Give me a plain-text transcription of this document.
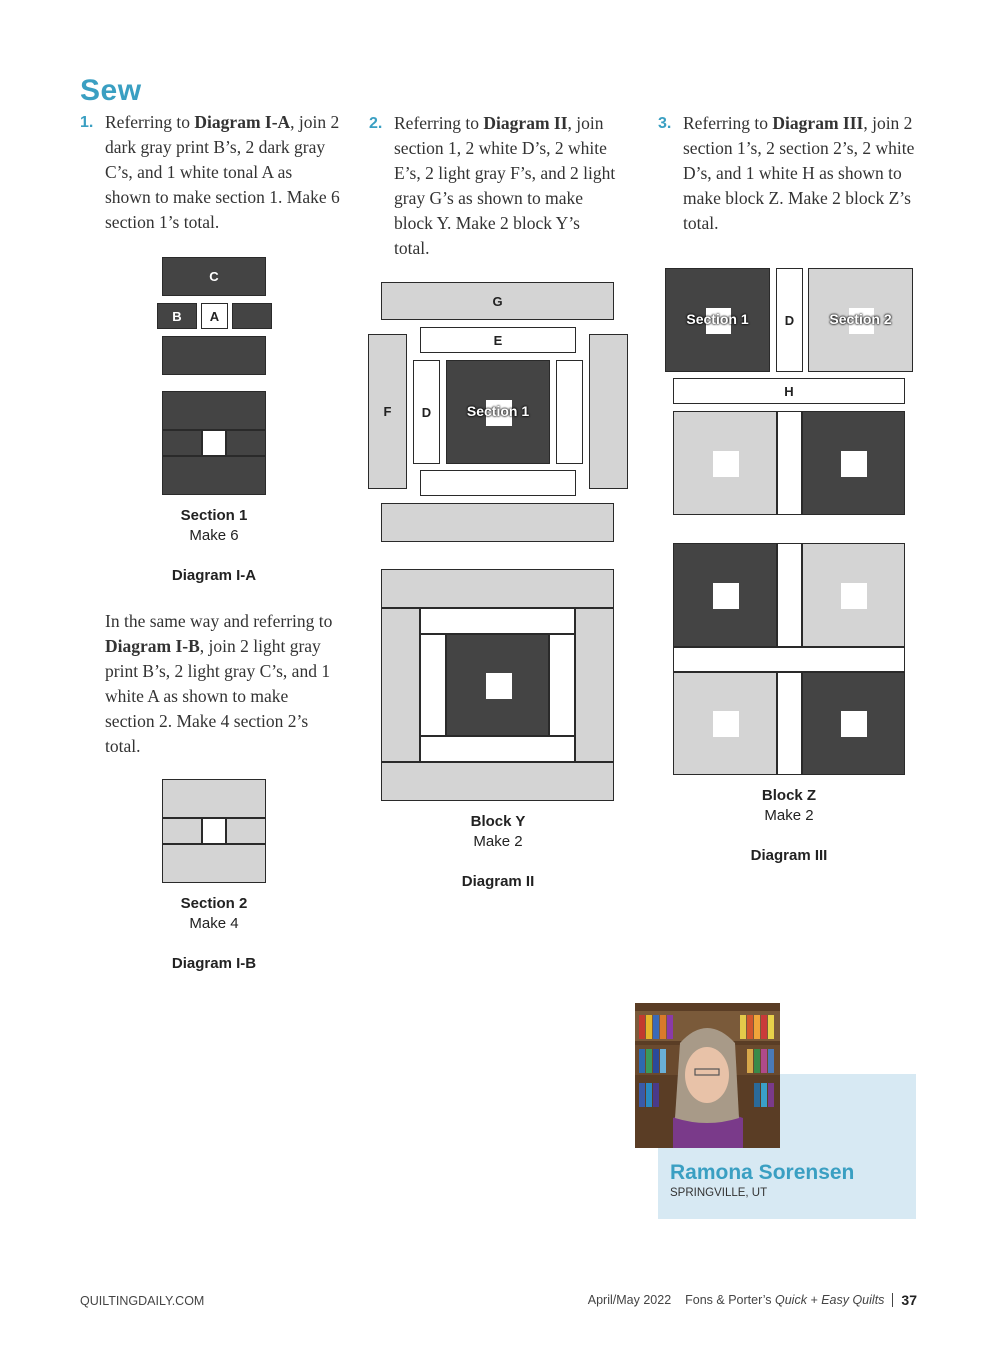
Sew
1. Referring to Diagram I-A, join 2 dark gray print B’s, 2 dark gray C’s, and 1 white tonal A as shown to make section 1. Make 6 section 1’s total.
2. Referring to Diagram II, join section 1, 2 white D’s, 2 white E’s, 2 light gray F’s, and 2 light gray G’s as shown to make block Y. Make 2 block Y’s total.
3. Referring to Diagram III, join 2 section 1’s, 2 section 2’s, 2 white D’s, and 1 white H as shown to make block Z. Make 2 block Z’s total.
C
B	A
Section 1
Make 6
Diagram I-A
In the same way and referring to Diagram I-B, join 2 light gray print B’s, 2 light gray C’s, and 1 white A as shown to make section 2. Make 4 section 2’s total.
Section 2
Make 4
Diagram I-B
G
E
F	D	Section 1
Block Y
Make 2
Diagram II
Section 1	D	Section 2
H
Block Z
Make 2
Diagram III
Ramona Sorensen
SPRINGVILLE, UT
QUILTINGDAILY.COM	April/May 2022 Fons & Porter’s Quick + Easy Quilts 37
